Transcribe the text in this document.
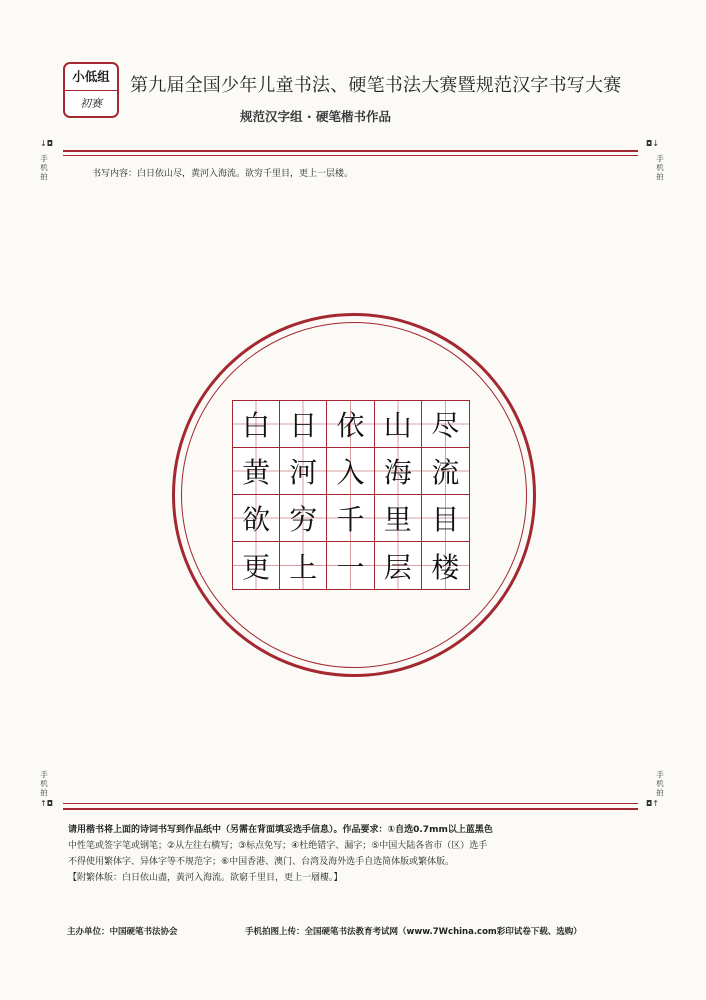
小低组
初赛
第九届全国少年儿童书法、硬笔书法大赛暨规范汉字书写大赛
规范汉字组 · 硬笔楷书作品
↓◘
手
机
拍
◘↓
手
机
拍
书写内容：白日依山尽，黄河入海流。欲穷千里目，更上一层楼。
白 日 依 山 尽
黄 河 入 海 流
欲 穷 千 里 目
更 上 一 层 楼
手
机
拍
↑◘
手
机
拍
◘↑
请用楷书将上面的诗词书写到作品纸中（另需在背面填妥选手信息）。作品要求：①自选0.7mm以上蓝黑色
中性笔或签字笔或钢笔；②从左往右横写；③标点免写；④杜绝错字、漏字；⑤中国大陆各省市（区）选手
不得使用繁体字、异体字等不规范字；⑥中国香港、澳门、台湾及海外选手自选简体版或繁体版。
【附繁体版：白日依山盡，黃河入海流。欲窮千里目，更上一層樓。】
主办单位：中国硬笔书法协会	手机拍图上传：全国硬笔书法教育考试网（www.7Wchina.com彩印试卷下载、选购）
